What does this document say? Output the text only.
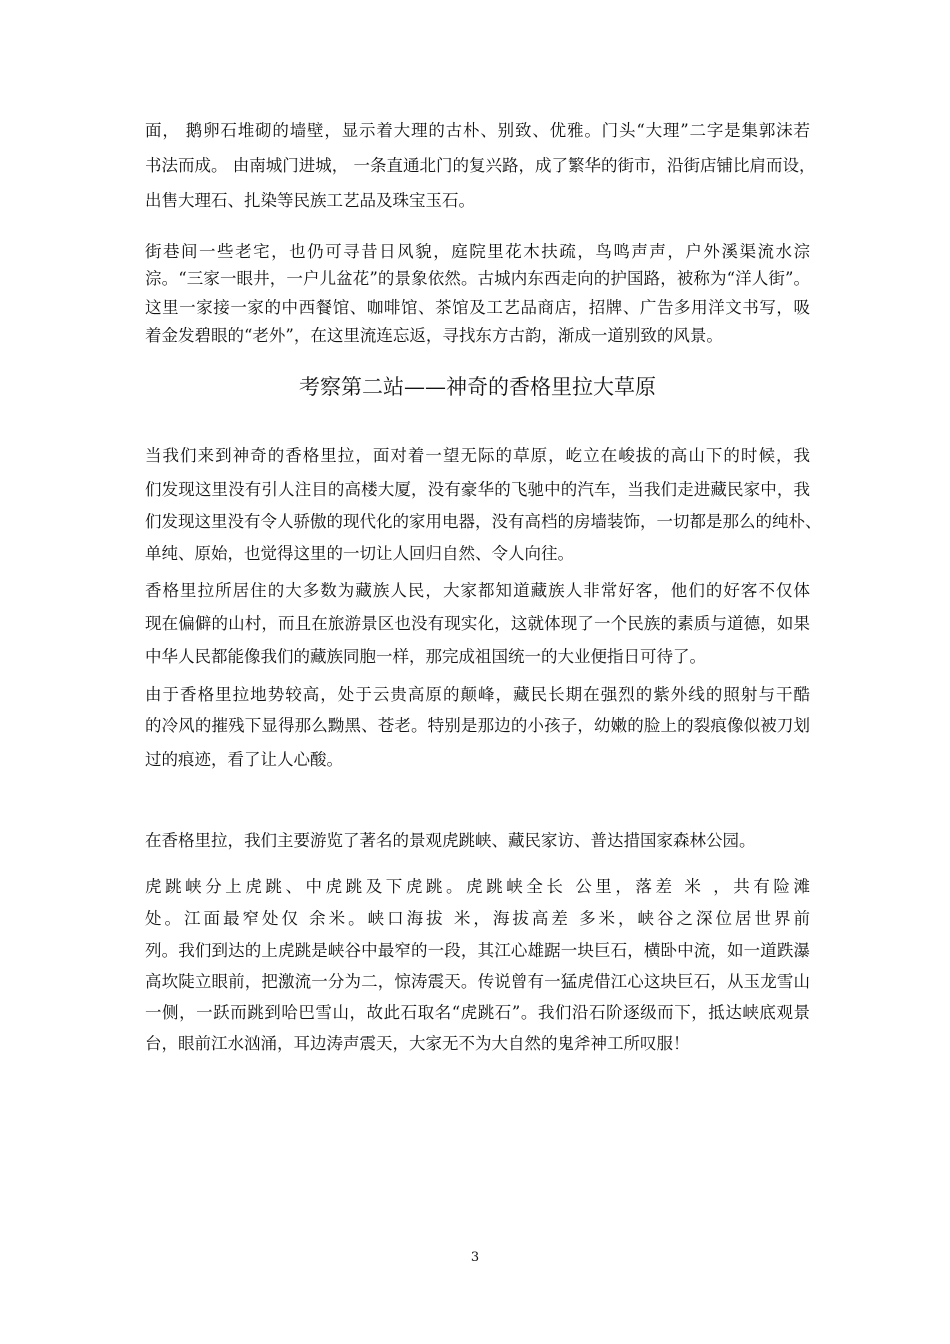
面， 鹅卵石堆砌的墙壁，显示着大理的古朴、别致、优雅。门头“大理”二字是集郭沫若
书法而成。 由南城门进城， 一条直通北门的复兴路，成了繁华的街市，沿街店铺比肩而设，
出售大理石、扎染等民族工艺品及珠宝玉石。
街巷间一些老宅，也仍可寻昔日风貌，庭院里花木扶疏，鸟鸣声声，户外溪渠流水淙
淙。“三家一眼井，一户儿盆花”的景象依然。古城内东西走向的护国路，被称为“洋人街”。
这里一家接一家的中西餐馆、咖啡馆、茶馆及工艺品商店，招牌、广告多用洋文书写，吸
着金发碧眼的“老外”，在这里流连忘返，寻找东方古韵，渐成一道别致的风景。
考察第二站——神奇的香格里拉大草原
当我们来到神奇的香格里拉，面对着一望无际的草原，屹立在峻拔的高山下的时候，我
们发现这里没有引人注目的高楼大厦，没有豪华的飞驰中的汽车，当我们走进藏民家中，我
们发现这里没有令人骄傲的现代化的家用电器，没有高档的房墙装饰，一切都是那么的纯朴、
单纯、原始，也觉得这里的一切让人回归自然、令人向往。
香格里拉所居住的大多数为藏族人民，大家都知道藏族人非常好客，他们的好客不仅体
现在偏僻的山村，而且在旅游景区也没有现实化，这就体现了一个民族的素质与道德，如果
中华人民都能像我们的藏族同胞一样，那完成祖国统一的大业便指日可待了。
由于香格里拉地势较高，处于云贵高原的颠峰，藏民长期在强烈的紫外线的照射与干酷
的冷风的摧残下显得那么黝黑、苍老。特别是那边的小孩子，幼嫩的脸上的裂痕像似被刀划
过的痕迹，看了让人心酸。
在香格里拉，我们主要游览了著名的景观虎跳峡、藏民家访、普达措国家森林公园。
虎跳峡分上虎跳、中虎跳及下虎跳。虎跳峡全长 公里，落差 米 ，共有险滩
处。江面最窄处仅 余米。峡口海拔 米，海拔高差 多米，峡谷之深位居世界前
列。我们到达的上虎跳是峡谷中最窄的一段，其江心雄踞一块巨石，横卧中流，如一道跌瀑
高坎陡立眼前，把激流一分为二，惊涛震天。传说曾有一猛虎借江心这块巨石，从玉龙雪山
一侧，一跃而跳到哈巴雪山，故此石取名“虎跳石”。我们沿石阶逐级而下，抵达峡底观景
台，眼前江水汹涌，耳边涛声震天，大家无不为大自然的鬼斧神工所叹服！
3
